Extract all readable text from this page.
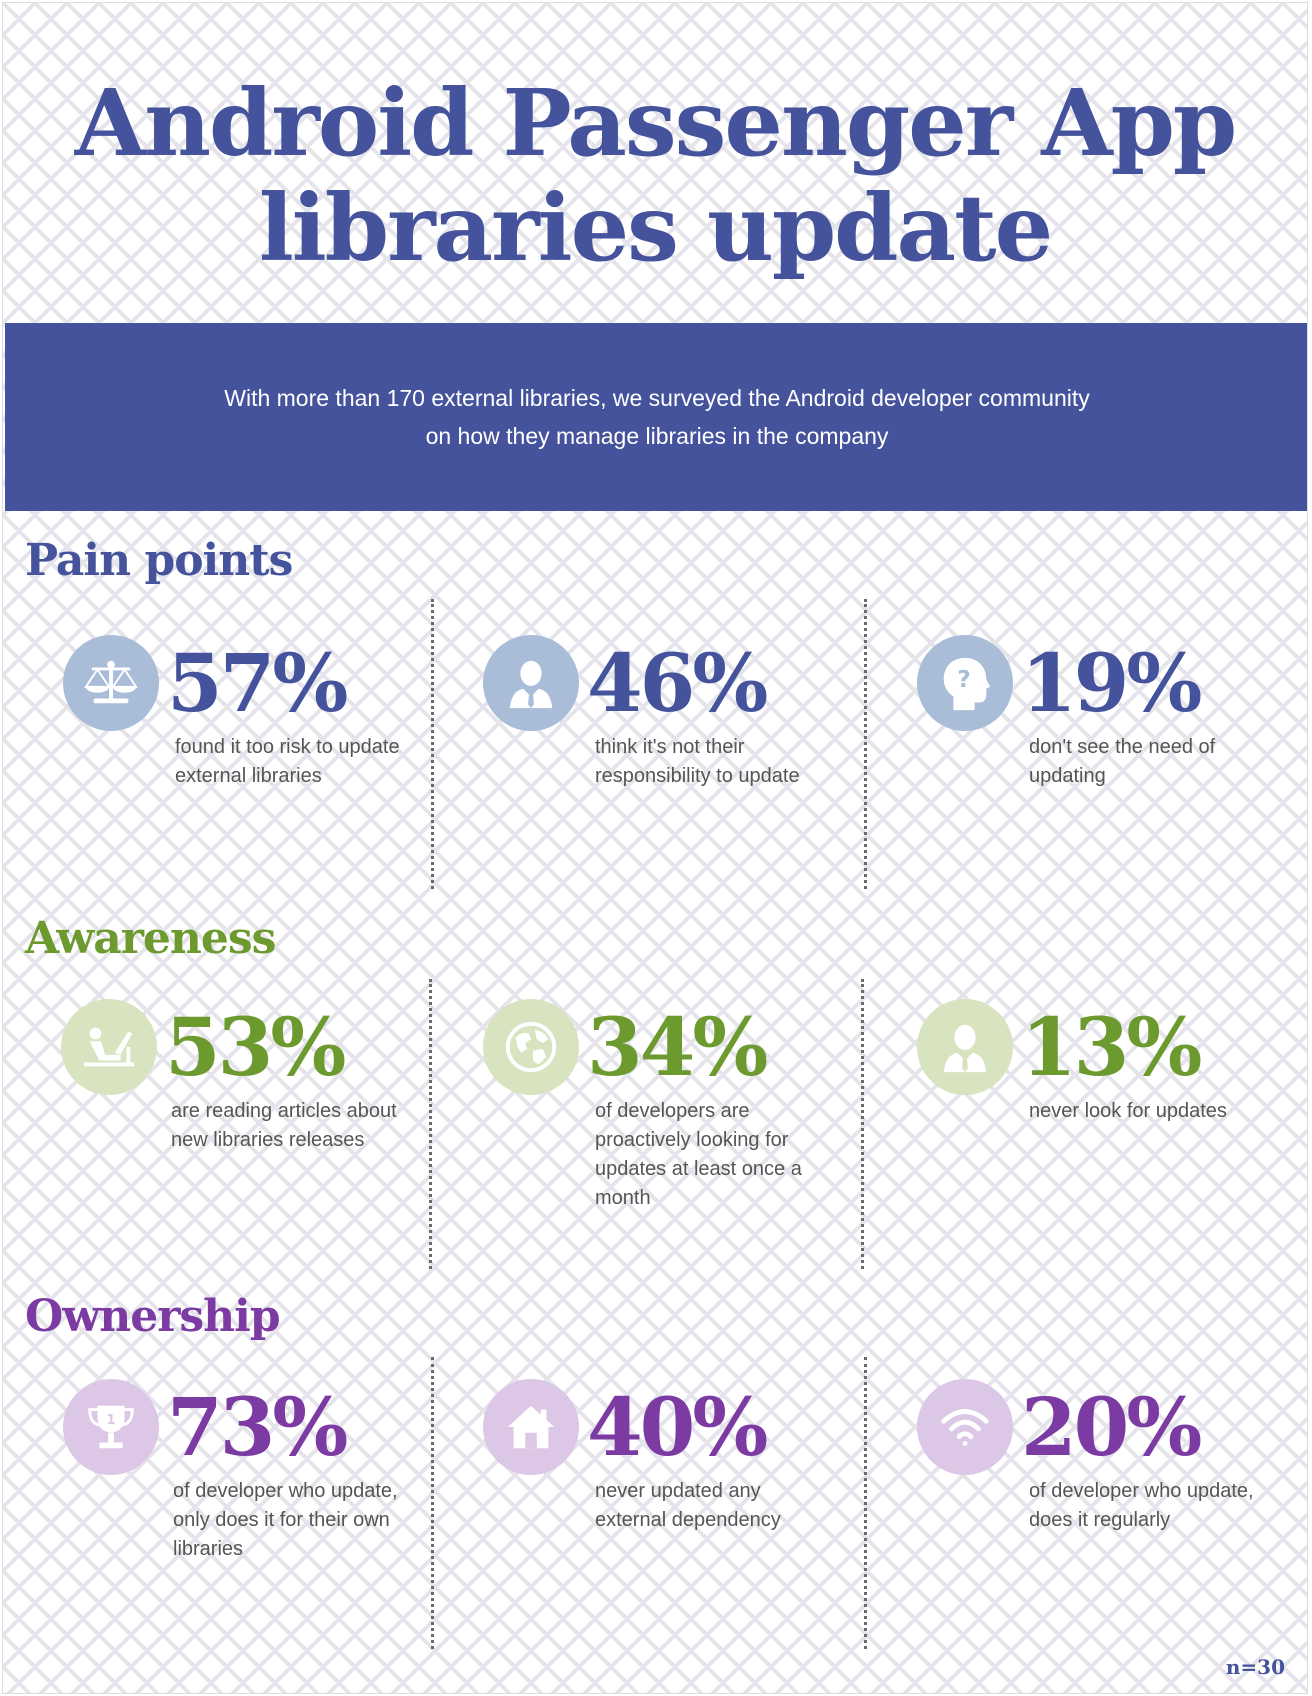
Android Passenger App
libraries update
With more than 170 external libraries, we surveyed the Android developer community
on how they manage libraries in the company
Pain points
57%
found it too risk to update external libraries
46%
think it's not their responsibility to update
? 19%
don't see the need of updating
Awareness
53%
are reading articles about new libraries releases
34%
of developers are proactively looking for updates at least once a month
13%
never look for updates
Ownership
1 73%
of developer who update, only does it for their own libraries
40%
never updated any external dependency
20%
of developer who update, does it regularly
n=30
